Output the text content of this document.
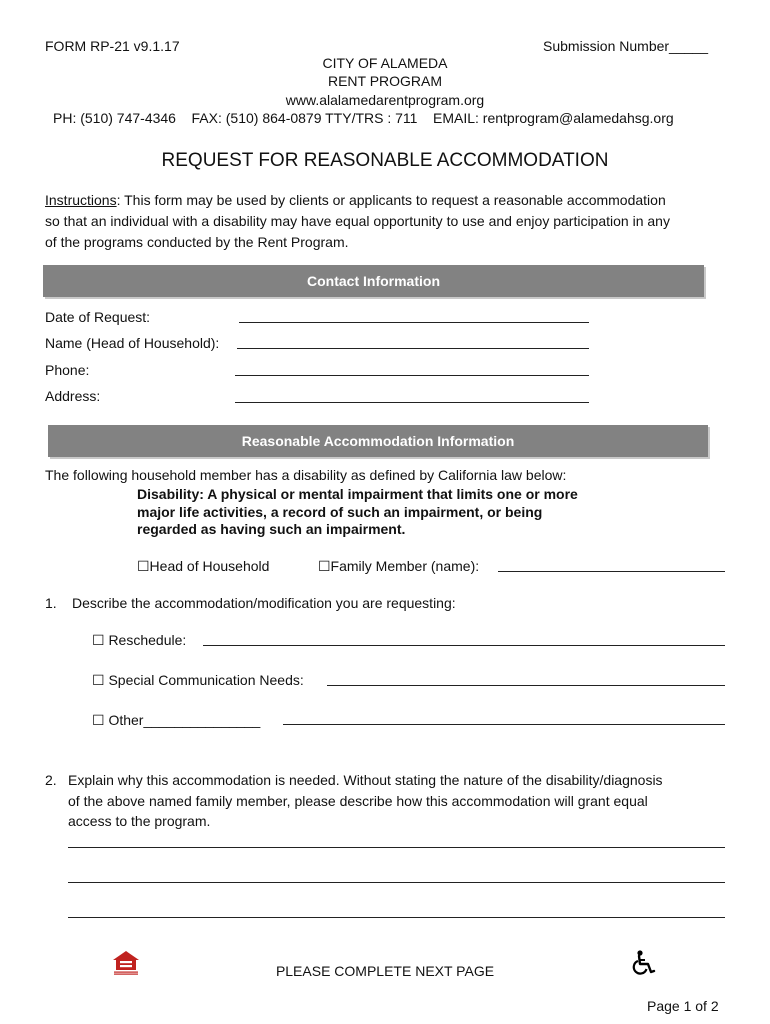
FORM RP-21 v9.1.17	Submission Number_____
CITY OF ALAMEDA
RENT PROGRAM
www.alalamedarentprogram.org
PH: (510) 747-4346    FAX: (510) 864-0879 TTY/TRS : 711    EMAIL: rentprogram@alamedahsg.org
REQUEST FOR REASONABLE ACCOMMODATION
Instructions: This form may be used by clients or applicants to request a reasonable accommodation
so that an individual with a disability may have equal opportunity to use and enjoy participation in any
of the programs conducted by the Rent Program.
Contact Information
Date of Request:
Name (Head of Household):
Phone:
Address:
Reasonable Accommodation Information
The following household member has a disability as defined by California law below:
Disability: A physical or mental impairment that limits one or more
major life activities, a record of such an impairment, or being
regarded as having such an impairment.
☐Head of Household	☐Family Member (name):
1. Describe the accommodation/modification you are requesting:
☐ Reschedule:
☐ Special Communication Needs:
☐ Other_______________
2. Explain why this accommodation is needed. Without stating the nature of the disability/diagnosis
of the above named family member, please describe how this accommodation will grant equal
access to the program.
PLEASE COMPLETE NEXT PAGE
Page 1 of 2
